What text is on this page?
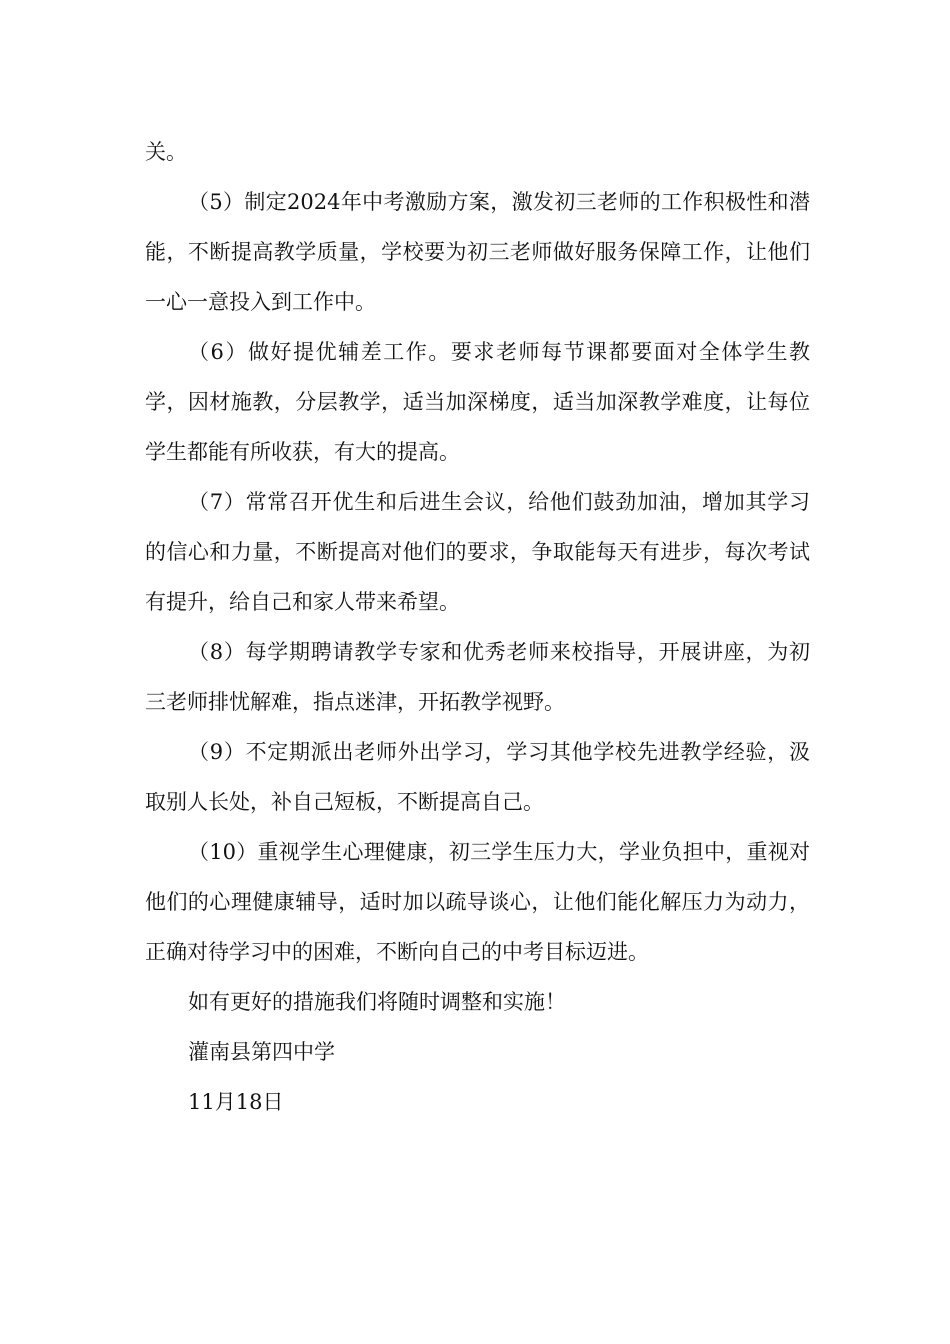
关。

（5）制定2024年中考激励方案，激发初三老师的工作积极性和潜能，不断提高教学质量，学校要为初三老师做好服务保障工作，让他们一心一意投入到工作中。

（6）做好提优辅差工作。要求老师每节课都要面对全体学生教学，因材施教，分层教学，适当加深梯度，适当加深教学难度，让每位学生都能有所收获，有大的提高。

（7）常常召开优生和后进生会议，给他们鼓劲加油，增加其学习的信心和力量，不断提高对他们的要求，争取能每天有进步，每次考试有提升，给自己和家人带来希望。

（8）每学期聘请教学专家和优秀老师来校指导，开展讲座，为初三老师排忧解难，指点迷津，开拓教学视野。

（9）不定期派出老师外出学习，学习其他学校先进教学经验，汲取别人长处，补自己短板，不断提高自己。

（10）重视学生心理健康，初三学生压力大，学业负担中，重视对他们的心理健康辅导，适时加以疏导谈心，让他们能化解压力为动力，正确对待学习中的困难，不断向自己的中考目标迈进。

如有更好的措施我们将随时调整和实施！

灌南县第四中学

11月18日
